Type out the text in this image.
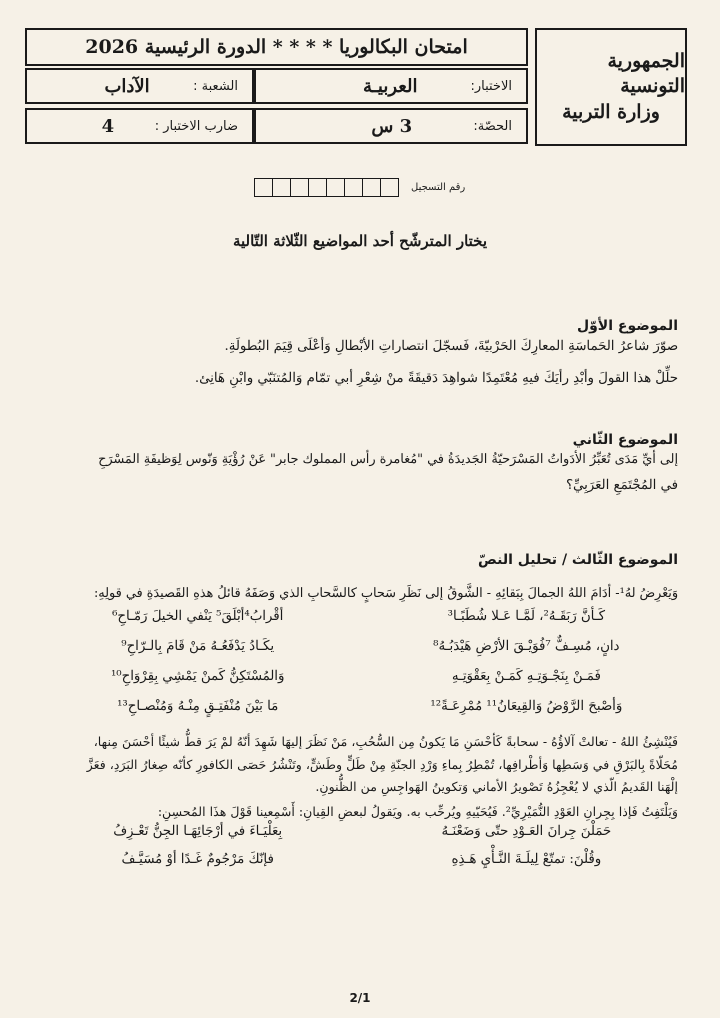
الجمهورية التونسية
وزارة التربية
امتحان البكالوريا * * * * الدورة الرئيسية 2026
الاختبار:
العربيـة
الشعبة :
الآداب
الحصّة:
3 س
ضارب الاختبار :
4
رقم التسجيل
يختار المترشّح أحد المواضيع الثّلاثة التّالية
الموضوع الأوّل
صوّرَ شاعرُ الحَماسَةِ المعارِكَ الحَرْبيّةَ، فَسجّلَ انتصاراتِ الأبْطالِ وَأعْلَى قِيَمَ البُطولَةِ.
حلِّلْ هذا القولَ وأبْدِ رأيَكَ فيهِ مُعْتَمِدًا شواهِدَ دَقيقَةً منْ شِعْرِ أبي تمّام وَالمُتنَبّي وابْنِ هَانِئ.
الموضوع الثّاني
إلى أيِّ مَدَى تُعَبِّرُ الأدَواتُ المَسْرَحيّةُ الجَديدَةُ في "مُغامرة رأس المملوك جابر" عَنْ رُؤْيَةِ وَنّوس لِوَظيفَةِ المَسْرَحِ
في المُجْتَمَعِ العَرَبِيِّ؟
الموضوع الثّالث / تحليل النصّ
وَيَعْرِضُ لهُ¹- أدَامَ اللهُ الجمالَ بِبَقائِهِ - الشَّوقُ إلى نَظَرِ سَحابٍ كالسَّحابِ الذي وَصَفَهُ قائلُ هذهِ القَصيدَةِ في قولِهِ:
كَـأنَّ رَبَقَـهُ²، لَمَّـا عَـلا شُطَبًـا³
أقْرابُ⁴أبْلَقَ⁵ يَنْفي الخيلَ رَمّـاحِ⁶
دانٍ، مُسِـفٌّ ⁷فُوَيْـقَ الأرْضِ هَيْدَبُـهُ⁸
يكَـادُ يَدْفَعُـهُ مَنْ قَامَ بِالـرّاحِ⁹
فَمَـنْ بِنَجْـوَتِـهِ كَمَـنْ بِعَقْوَتِـهِ
وَالمُسْتَكِنُّ كَمنْ يَمْشِي بِقِرْوَاحِ¹⁰
وَأصْبحَ الرَّوْضُ وَالقِيعَانُ¹¹ مُمْرِعَـةً¹²
مَا بَيْنَ مُنْفَتِـقٍ مِنْـهُ وَمُنْصـاحِ¹³
فَيُنْشِئُ اللهُ - تعالتْ آلاؤُهُ - سحابةً كَأحْسَنِ مَا يَكونُ مِن السُّحُبِ، مَنْ نَظَرَ إليهَا شَهِدَ أنّهُ لمْ يَرَ قطُّ شيئًا أحْسَنَ مِنها،
مُحَلّاةً بِالبَرْقِ في وَسَطِها وَأطْرافِها، تُمْطِرُ بِماءِ وَرْدِ الجنّةِ مِنْ طَلٍّ وطَشٍّ، وتَنْشُرُ حَصَى الكافورِ كأنّه صِغارُ البَرَدِ، فعَزَّ
إلْهَنا القَديمُ الّذي لا يُعْجِزُهُ تَصْويرُ الأماني وَتكوينُ الهَواجِسِ من الظُّنونِ.
وَيَلْتَفِتُ فَإذا بِجِرانِ العَوْدِ النُّمَيْرِيِّ². فَيُحَيّيهِ ويُرحِّب به. ويَقولُ لبعضِ القِيانِ: أَسْمِعينا قَوْلَ هذَا المُحسِنِ:
حَمَلْنَ جِرانَ العَـوْدِ حتّى وَضَعْنَـهُ
بِعَلْيَـاءَ في أرْجَائِهَـا الجِنُّ تَعْـزِفُ
وقُلْنَ: تمتّعْ لِيلَـةَ النَّـأْيِ هَـذِهِ
فإنّكَ مَرْجُومٌ غَـدًا أوْ مُسَيَّـفُ
2/1
